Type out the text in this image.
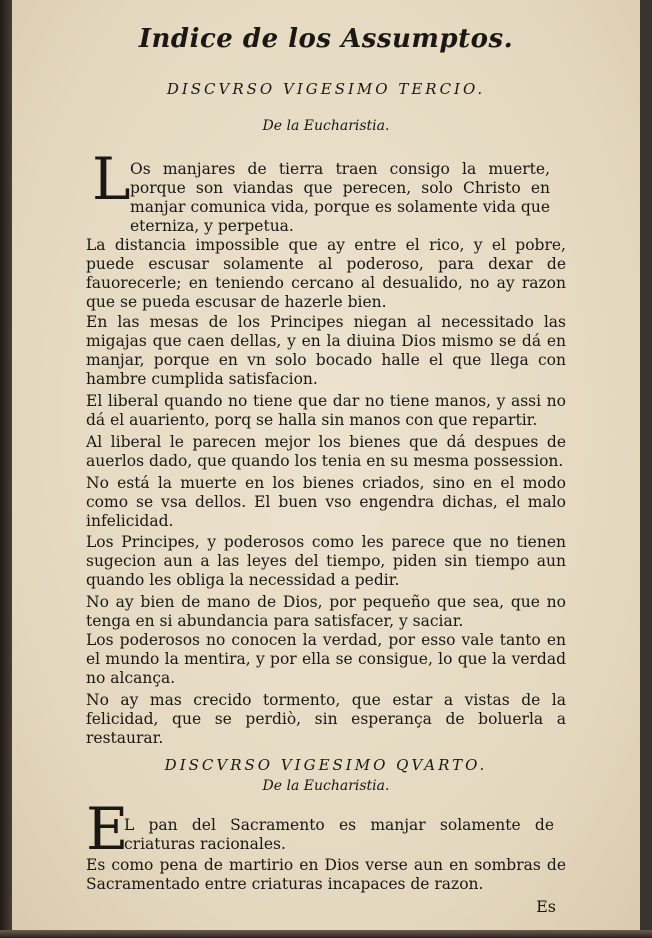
Indice de los Assumptos.
DISCVRSO VIGESIMO TERCIO.
De la Eucharistia.
L Os manjares de tierra traen consigo la muerte, porque son viandas que perecen, solo Christo en manjar comunica vida, porque es solamente vida que eterniza, y perpetua.
La distancia impossible que ay entre el rico, y el pobre, puede escusar solamente al poderoso, para dexar de fauorecerle; en teniendo cercano al desualido, no ay razon que se pueda escusar de hazerle bien.
En las mesas de los Principes niegan al necessitado las migajas que caen dellas, y en la diuina Dios mismo se dá en manjar, porque en vn solo bocado halle el que llega con hambre cumplida satisfacion.
El liberal quando no tiene que dar no tiene manos, y assi no dá el auariento, porq se halla sin manos con que repartir.
Al liberal le parecen mejor los bienes que dá despues de auerlos dado, que quando los tenia en su mesma possession.
No está la muerte en los bienes criados, sino en el modo como se vsa dellos. El buen vso engendra dichas, el malo infelicidad.
Los Principes, y poderosos como les parece que no tienen sugecion aun a las leyes del tiempo, piden sin tiempo aun quando les obliga la necessidad a pedir.
No ay bien de mano de Dios, por pequeño que sea, que no tenga en si abundancia para satisfacer, y saciar.
Los poderosos no conocen la verdad, por esso vale tanto en el mundo la mentira, y por ella se consigue, lo que la verdad no alcança.
No ay mas crecido tormento, que estar a vistas de la felicidad, que se perdiò, sin esperança de boluerla a restaurar.
DISCVRSO VIGESIMO QVARTO.
De la Eucharistia.
E
L pan del Sacramento es manjar solamente de criaturas racionales.
Es como pena de martirio en Dios verse aun en sombras de Sacramentado entre criaturas incapaces de razon.
Es
